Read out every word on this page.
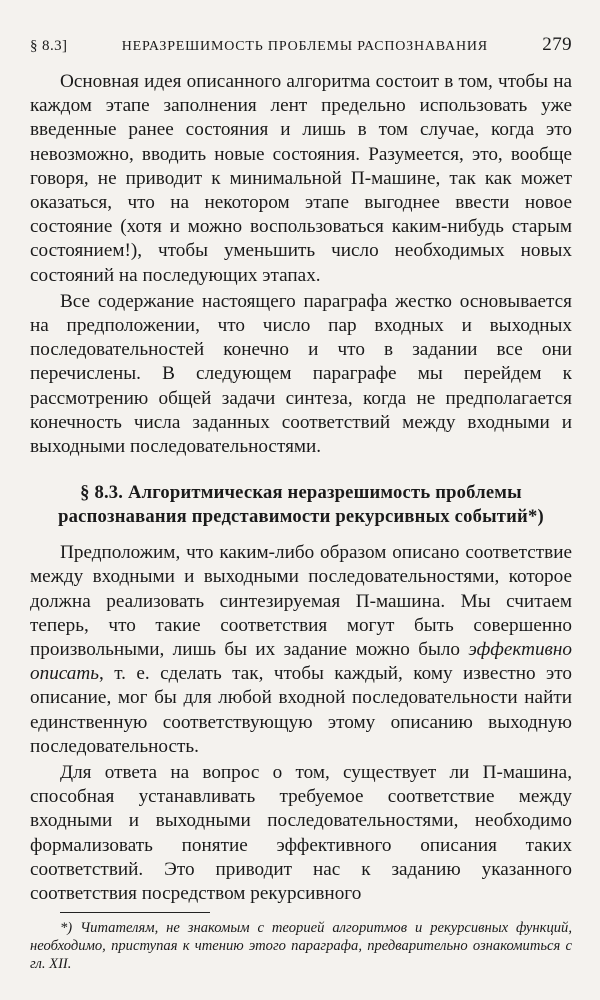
§ 8.3]	НЕРАЗРЕШИМОСТЬ ПРОБЛЕМЫ РАСПОЗНАВАНИЯ	279

Основная идея описанного алгоритма состоит в том, чтобы на каждом этапе заполнения лент предельно использовать уже введенные ранее состояния и лишь в том случае, когда это невозможно, вводить новые состояния. Разумеется, это, вообще говоря, не приводит к минимальной П-машине, так как может оказаться, что на некотором этапе выгоднее ввести новое состояние (хотя и можно воспользоваться каким-нибудь старым состоянием!), чтобы уменьшить число необходимых новых состояний на последующих этапах.

Все содержание настоящего параграфа жестко основывается на предположении, что число пар входных и выходных последовательностей конечно и что в задании все они перечислены. В следующем параграфе мы перейдем к рассмотрению общей задачи синтеза, когда не предполагается конечность числа заданных соответствий между входными и выходными последовательностями.

§ 8.3. Алгоритмическая неразрешимость проблемы
распознавания представимости рекурсивных событий*)

Предположим, что каким-либо образом описано соответствие между входными и выходными последовательностями, которое должна реализовать синтезируемая П-машина. Мы считаем теперь, что такие соответствия могут быть совершенно произвольными, лишь бы их задание можно было эффективно описать, т. е. сделать так, чтобы каждый, кому известно это описание, мог бы для любой входной последовательности найти единственную соответствующую этому описанию выходную последовательность.

Для ответа на вопрос о том, существует ли П-машина, способная устанавливать требуемое соответствие между входными и выходными последовательностями, необходимо формализовать понятие эффективного описания таких соответствий. Это приводит нас к заданию указанного соответствия посредством рекурсивного

*) Читателям, не знакомым с теорией алгоритмов и рекурсивных функций, необходимо, приступая к чтению этого параграфа, предварительно ознакомиться с гл. XII.
